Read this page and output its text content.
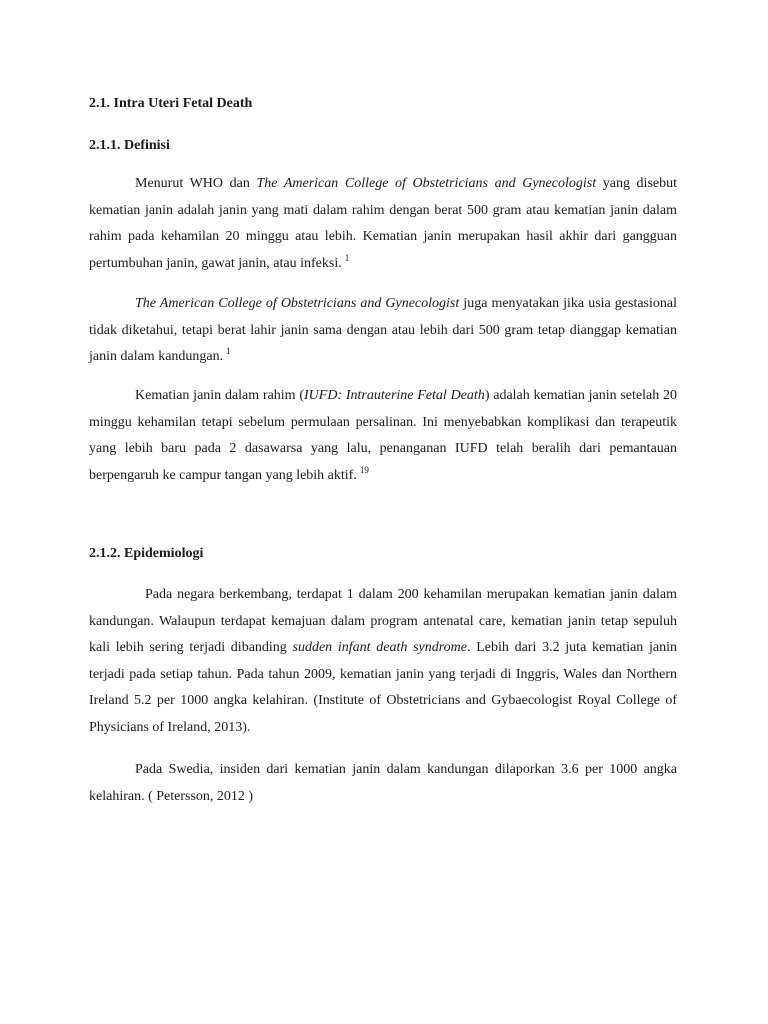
2.1. Intra Uteri Fetal Death
2.1.1. Definisi

Menurut WHO dan The American College of Obstetricians and Gynecologist yang disebut kematian janin adalah janin yang mati dalam rahim dengan berat 500 gram atau kematian janin dalam rahim pada kehamilan 20 minggu atau lebih. Kematian janin merupakan hasil akhir dari gangguan pertumbuhan janin, gawat janin, atau infeksi. $^1$

The American College of Obstetricians and Gynecologist juga menyatakan jika usia gestasional tidak diketahui, tetapi berat lahir janin sama dengan atau lebih dari 500 gram tetap dianggap kematian janin dalam kandungan. $^1$

Kematian janin dalam rahim (IUFD: Intrauterine Fetal Death) adalah kematian janin setelah 20 minggu kehamilan tetapi sebelum permulaan persalinan. Ini menyebabkan komplikasi dan terapeutik yang lebih baru pada 2 dasawarsa yang lalu, penanganan IUFD telah beralih dari pemantauan berpengaruh ke campur tangan yang lebih aktif. $^{19}$

2.1.2. Epidemiologi

Pada negara berkembang, terdapat 1 dalam 200 kehamilan merupakan kematian janin dalam kandungan. Walaupun terdapat kemajuan dalam program antenatal care, kematian janin tetap sepuluh kali lebih sering terjadi dibanding sudden infant death syndrome. Lebih dari 3.2 juta kematian janin terjadi pada setiap tahun. Pada tahun 2009, kematian janin yang terjadi di Inggris, Wales dan Northern Ireland 5.2 per 1000 angka kelahiran. (Institute of Obstetricians and Gybaecologist Royal College of Physicians of Ireland, 2013).

Pada Swedia, insiden dari kematian janin dalam kandungan dilaporkan 3.6 per 1000 angka kelahiran. ( Petersson, 2012 )
